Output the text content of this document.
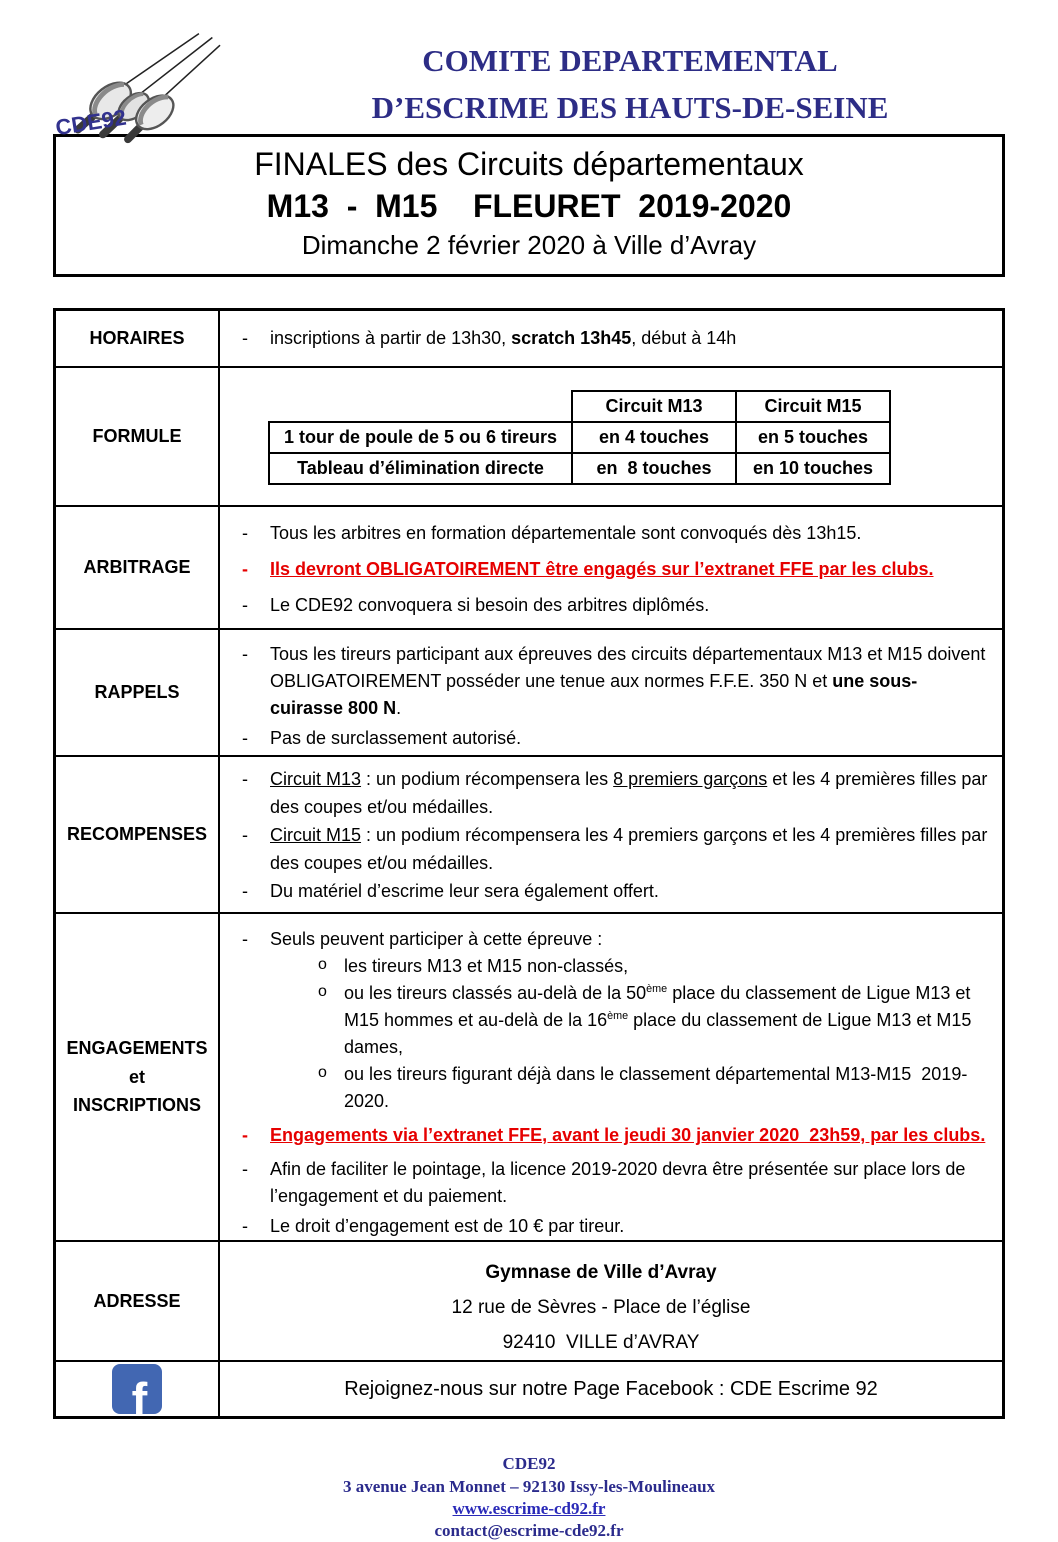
CDE92
COMITE DEPARTEMENTAL
D’ESCRIME DES HAUTS-DE-SEINE
FINALES des Circuits départementaux
M13  -  M15    FLEURET  2019-2020
Dimanche 2 février 2020 à Ville d’Avray
HORAIRES	-	inscriptions à partir de 13h30, scratch 13h45, début à 14h
FORMULE
	Circuit M13	Circuit M15
1 tour de poule de 5 ou 6 tireurs	en 4 touches	en 5 touches
Tableau d’élimination directe	en  8 touches	en 10 touches
ARBITRAGE
-	Tous les arbitres en formation départementale sont convoqués dès 13h15.
-	Ils devront OBLIGATOIREMENT être engagés sur l’extranet FFE par les clubs.
-	Le CDE92 convoquera si besoin des arbitres diplômés.
RAPPELS
-	Tous les tireurs participant aux épreuves des circuits départementaux M13 et M15 doivent OBLIGATOIREMENT posséder une tenue aux normes F.F.E. 350 N et une sous-cuirasse 800 N.
-	Pas de surclassement autorisé.
RECOMPENSES
-	Circuit M13 : un podium récompensera les 8 premiers garçons et les 4 premières filles par des coupes et/ou médailles.
-	Circuit M15 : un podium récompensera les 4 premiers garçons et les 4 premières filles par des coupes et/ou médailles.
-	Du matériel d’escrime leur sera également offert.
ENGAGEMENTS
et
INSCRIPTIONS
-	Seuls peuvent participer à cette épreuve :
o les tireurs M13 et M15 non-classés,
o ou les tireurs classés au-delà de la 50ème place du classement de Ligue M13 et M15 hommes et au-delà de la 16ème place du classement de Ligue M13 et M15 dames,
o ou les tireurs figurant déjà dans le classement départemental M13-M15  2019-2020.
-	Engagements via l’extranet FFE, avant le jeudi 30 janvier 2020  23h59, par les clubs.
-	Afin de faciliter le pointage, la licence 2019-2020 devra être présentée sur place lors de l’engagement et du paiement.
-	Le droit d’engagement est de 10 € par tireur.
ADRESSE
Gymnase de Ville d’Avray
12 rue de Sèvres - Place de l’église
92410  VILLE d’AVRAY
f	Rejoignez-nous sur notre Page Facebook : CDE Escrime 92
CDE92
3 avenue Jean Monnet – 92130 Issy-les-Moulineaux
www.escrime-cd92.fr
contact@escrime-cde92.fr
